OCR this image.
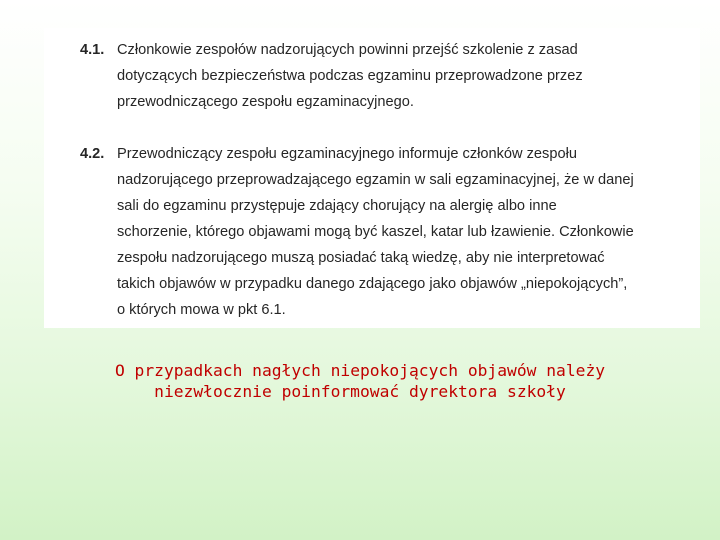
4.1. Członkowie zespołów nadzorujących powinni przejść szkolenie z zasad
dotyczących bezpieczeństwa podczas egzaminu przeprowadzone przez
przewodniczącego zespołu egzaminacyjnego.
4.2. Przewodniczący zespołu egzaminacyjnego informuje członków zespołu
nadzorującego przeprowadzającego egzamin w sali egzaminacyjnej, że w danej
sali do egzaminu przystępuje zdający chorujący na alergię albo inne
schorzenie, którego objawami mogą być kaszel, katar lub łzawienie. Członkowie
zespołu nadzorującego muszą posiadać taką wiedzę, aby nie interpretować
takich objawów w przypadku danego zdającego jako objawów „niepokojących”,
o których mowa w pkt 6.1.
O przypadkach nagłych niepokojących objawów należy
niezwłocznie poinformować dyrektora szkoły
